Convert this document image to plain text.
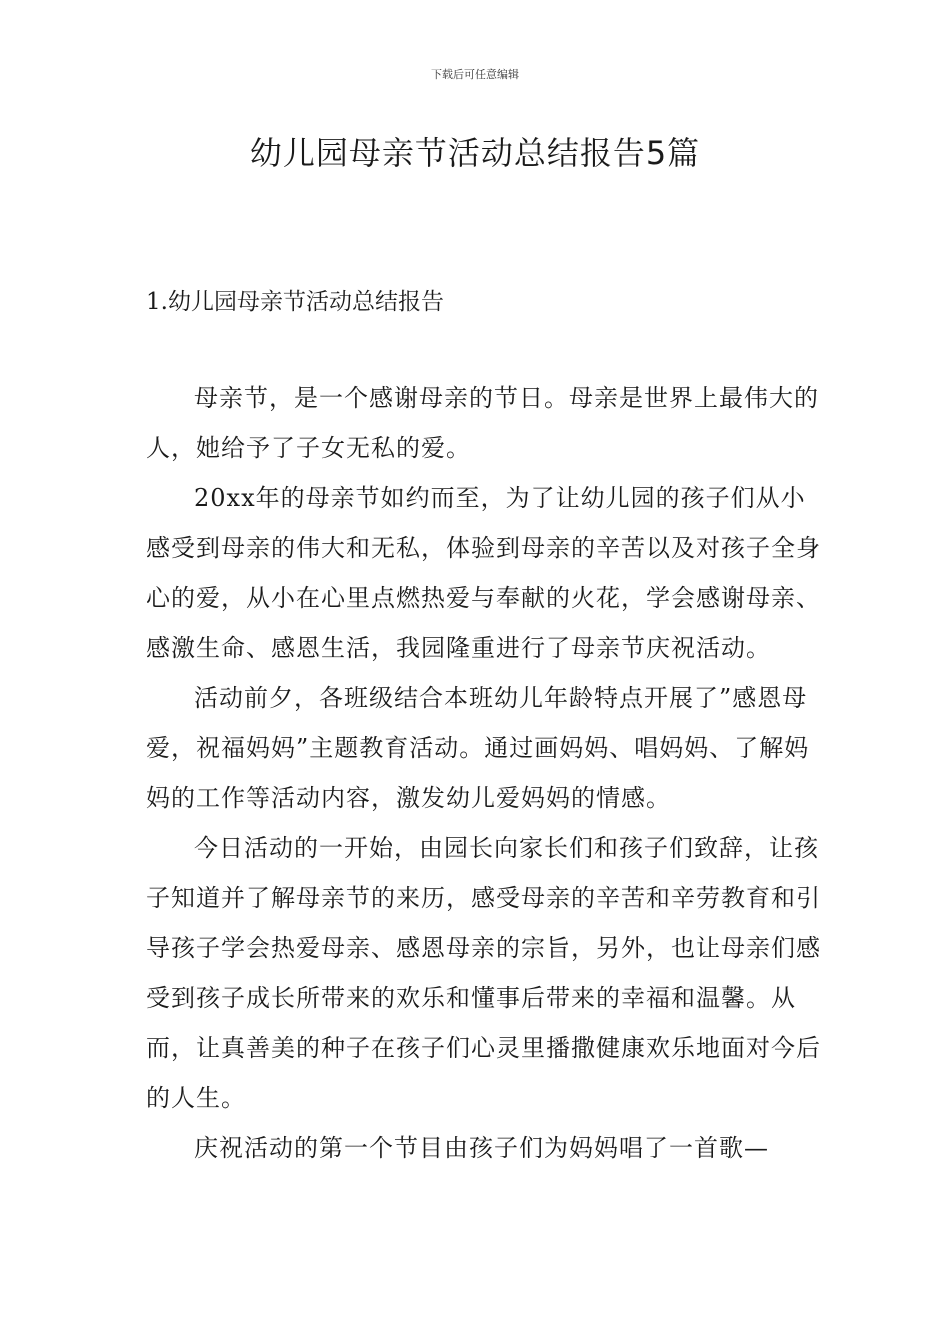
下载后可任意编辑
幼儿园母亲节活动总结报告5篇
1.幼儿园母亲节活动总结报告

母亲节，是一个感谢母亲的节日。母亲是世界上最伟大的人，她给予了子女无私的爱。

20xx年的母亲节如约而至，为了让幼儿园的孩子们从小感受到母亲的伟大和无私，体验到母亲的辛苦以及对孩子全身心的爱，从小在心里点燃热爱与奉献的火花，学会感谢母亲、感激生命、感恩生活，我园隆重进行了母亲节庆祝活动。

活动前夕，各班级结合本班幼儿年龄特点开展了”感恩母爱，祝福妈妈”主题教育活动。通过画妈妈、唱妈妈、了解妈妈的工作等活动内容，激发幼儿爱妈妈的情感。

今日活动的一开始，由园长向家长们和孩子们致辞，让孩子知道并了解母亲节的来历，感受母亲的辛苦和辛劳教育和引导孩子学会热爱母亲、感恩母亲的宗旨，另外，也让母亲们感受到孩子成长所带来的欢乐和懂事后带来的幸福和温馨。从而，让真善美的种子在孩子们心灵里播撒健康欢乐地面对今后的人生。

庆祝活动的第一个节目由孩子们为妈妈唱了一首歌—
